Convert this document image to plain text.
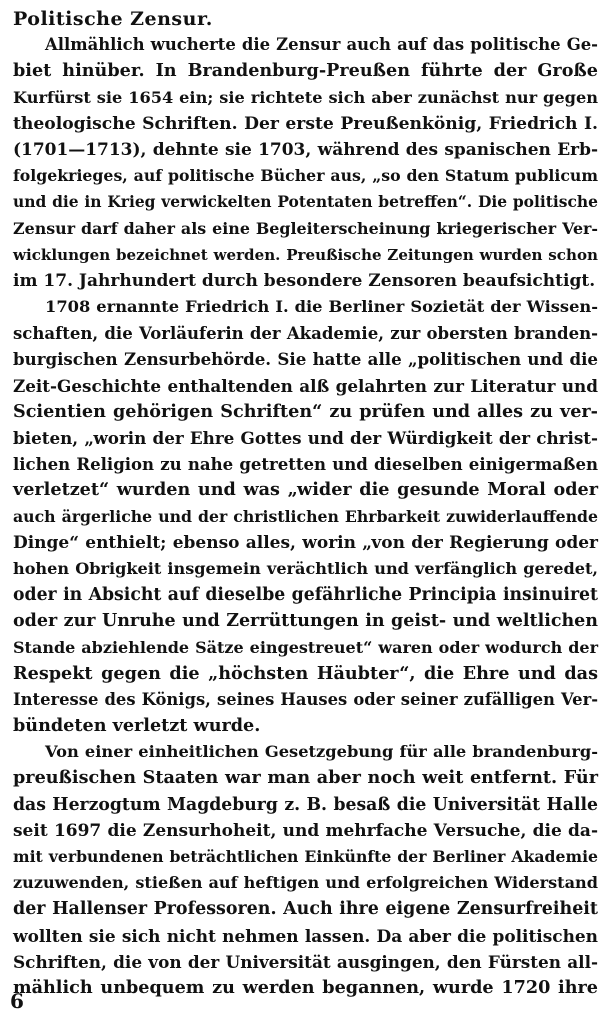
Politische Zensur.
Allmählich wucherte die Zensur auch auf das politische Ge-
biet hinüber. In Brandenburg-Preußen führte der Große
Kurfürst sie 1654 ein; sie richtete sich aber zunächst nur gegen
theologische Schriften. Der erste Preußenkönig, Friedrich I.
(1701—1713), dehnte sie 1703, während des spanischen Erb-
folgekrieges, auf politische Bücher aus, „so den Statum publicum
und die in Krieg verwickelten Potentaten betreffen“. Die politische
Zensur darf daher als eine Begleiterscheinung kriegerischer Ver-
wicklungen bezeichnet werden. Preußische Zeitungen wurden schon
im 17. Jahrhundert durch besondere Zensoren beaufsichtigt.
1708 ernannte Friedrich I. die Berliner Sozietät der Wissen-
schaften, die Vorläuferin der Akademie, zur obersten branden-
burgischen Zensurbehörde. Sie hatte alle „politischen und die
Zeit-Geschichte enthaltenden alß gelahrten zur Literatur und
Scientien gehörigen Schriften“ zu prüfen und alles zu ver-
bieten, „worin der Ehre Gottes und der Würdigkeit der christ-
lichen Religion zu nahe getretten und dieselben einigermaßen
verletzet“ wurden und was „wider die gesunde Moral oder
auch ärgerliche und der christlichen Ehrbarkeit zuwiderlauffende
Dinge“ enthielt; ebenso alles, worin „von der Regierung oder
hohen Obrigkeit insgemein verächtlich und verfänglich geredet,
oder in Absicht auf dieselbe gefährliche Principia insinuiret
oder zur Unruhe und Zerrüttungen in geist- und weltlichen
Stande abziehlende Sätze eingestreuet“ waren oder wodurch der
Respekt gegen die „höchsten Häubter“, die Ehre und das
Interesse des Königs, seines Hauses oder seiner zufälligen Ver-
bündeten verletzt wurde.
Von einer einheitlichen Gesetzgebung für alle brandenburg-
preußischen Staaten war man aber noch weit entfernt. Für
das Herzogtum Magdeburg z. B. besaß die Universität Halle
seit 1697 die Zensurhoheit, und mehrfache Versuche, die da-
mit verbundenen beträchtlichen Einkünfte der Berliner Akademie
zuzuwenden, stießen auf heftigen und erfolgreichen Widerstand
der Hallenser Professoren. Auch ihre eigene Zensurfreiheit
wollten sie sich nicht nehmen lassen. Da aber die politischen
Schriften, die von der Universität ausgingen, den Fürsten all-
mählich unbequem zu werden begannen, wurde 1720 ihre
6
